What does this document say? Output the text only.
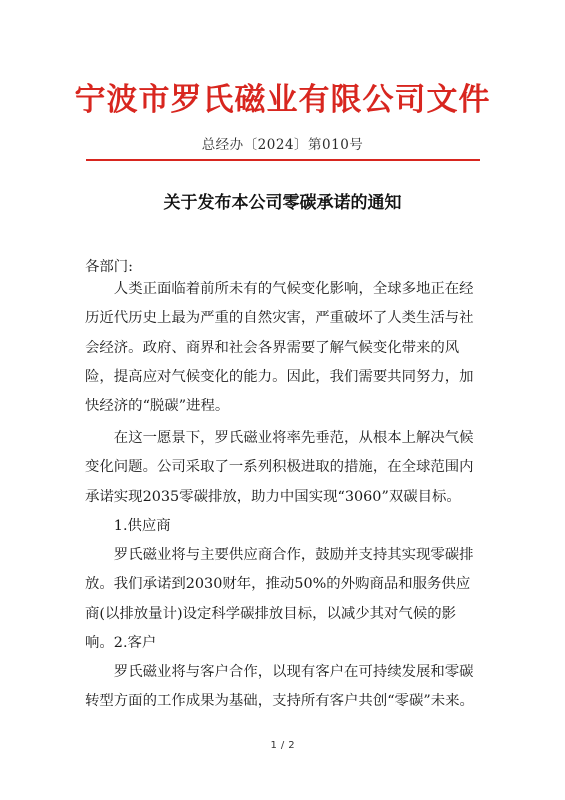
宁波市罗氏磁业有限公司文件
总经办〔2024〕第010号
关于发布本公司零碳承诺的通知
各部门:
人类正面临着前所未有的气候变化影响，全球多地正在经历近代历史上最为严重的自然灾害，严重破坏了人类生活与社会经济。政府、商界和社会各界需要了解气候变化带来的风险，提高应对气候变化的能力。因此，我们需要共同努力，加快经济的“脱碳”进程。
在这一愿景下，罗氏磁业将率先垂范，从根本上解决气候变化问题。公司采取了一系列积极进取的措施，在全球范围内承诺实现2035零碳排放，助力中国实现“3060”双碳目标。
1.供应商
罗氏磁业将与主要供应商合作，鼓励并支持其实现零碳排放。我们承诺到2030财年，推动50%的外购商品和服务供应商(以排放量计)设定科学碳排放目标，以减少其对气候的影响。 2.客户
罗氏磁业将与客户合作，以现有客户在可持续发展和零碳转型方面的工作成果为基础，支持所有客户共创“零碳”未来。
1 / 2
